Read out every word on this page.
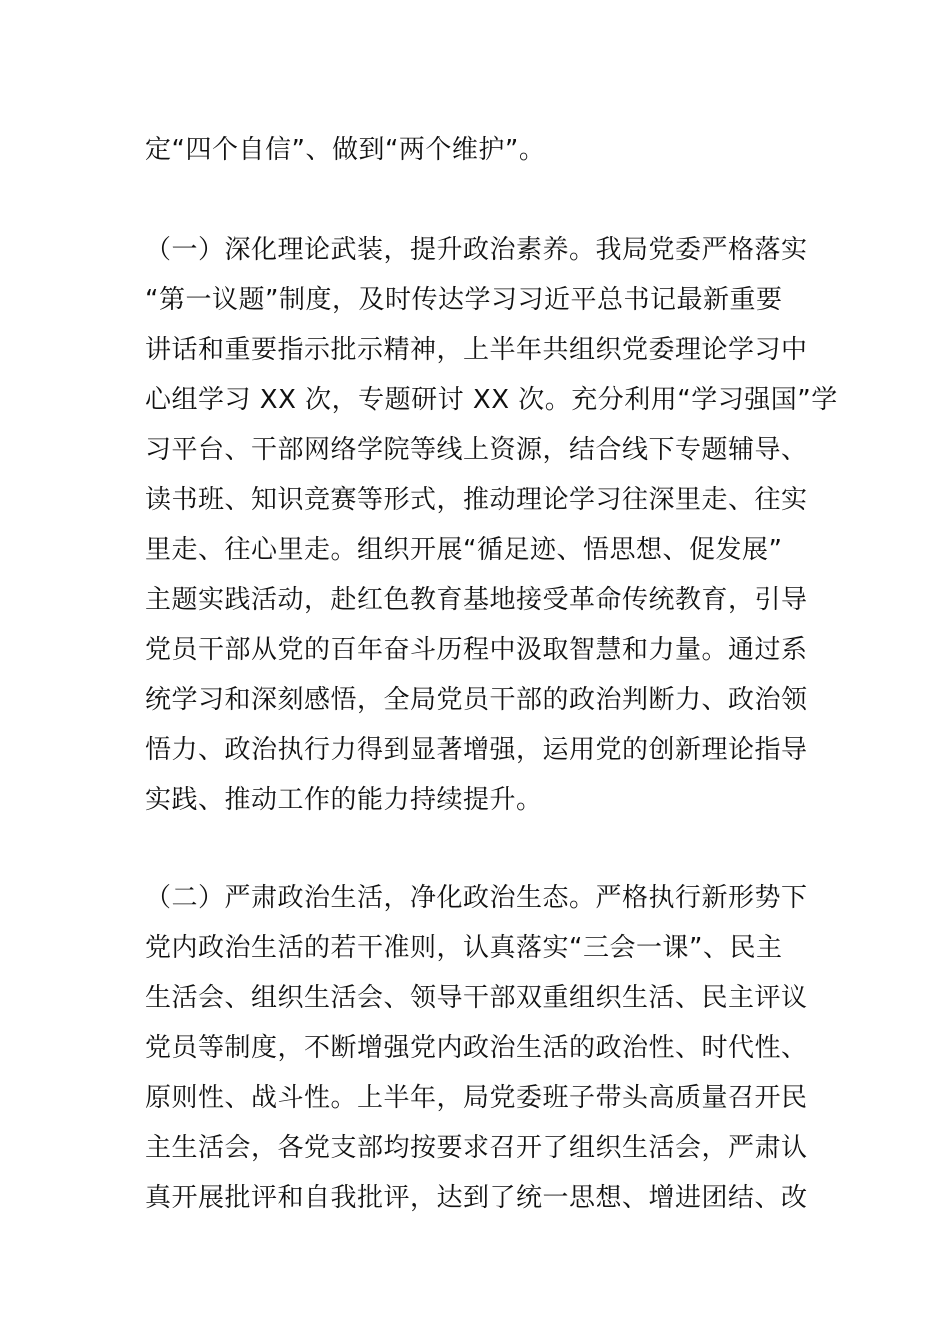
定“四个自信”、做到“两个维护”。
（一）深化理论武装，提升政治素养。我局党委严格落实
“第一议题”制度，及时传达学习习近平总书记最新重要
讲话和重要指示批示精神，上半年共组织党委理论学习中
心组学习 XX 次，专题研讨 XX 次。充分利用“学习强国”学
习平台、干部网络学院等线上资源，结合线下专题辅导、
读书班、知识竞赛等形式，推动理论学习往深里走、往实
里走、往心里走。组织开展“循足迹、悟思想、促发展”
主题实践活动，赴红色教育基地接受革命传统教育，引导
党员干部从党的百年奋斗历程中汲取智慧和力量。通过系
统学习和深刻感悟，全局党员干部的政治判断力、政治领
悟力、政治执行力得到显著增强，运用党的创新理论指导
实践、推动工作的能力持续提升。
（二）严肃政治生活，净化政治生态。严格执行新形势下
党内政治生活的若干准则，认真落实“三会一课”、民主
生活会、组织生活会、领导干部双重组织生活、民主评议
党员等制度，不断增强党内政治生活的政治性、时代性、
原则性、战斗性。上半年，局党委班子带头高质量召开民
主生活会，各党支部均按要求召开了组织生活会，严肃认
真开展批评和自我批评，达到了统一思想、增进团结、改
